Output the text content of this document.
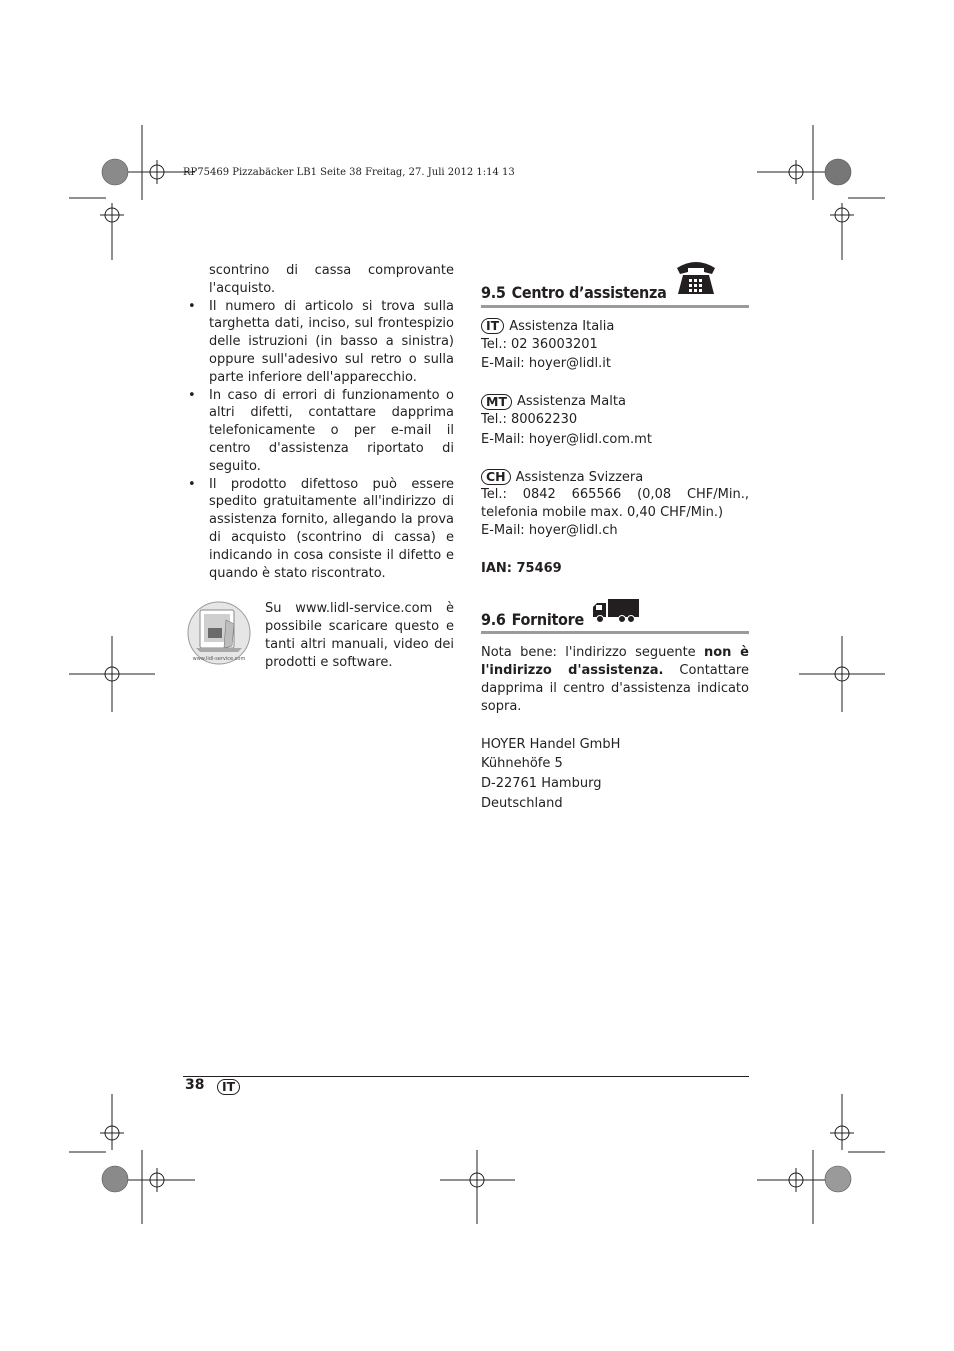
RP75469 Pizzabäcker LB1 Seite 38 Freitag, 27. Juli 2012 1:14 13

scontrino di cassa comprovante l'acquisto.

• Il numero di articolo si trova sulla targhetta dati, inciso, sul frontespizio delle istruzioni (in basso a sinistra) oppure sull'adesivo sul retro o sulla parte inferiore dell'apparecchio.
• In caso di errori di funzionamento o altri difetti, contattare dapprima telefonicamente o per e-mail il centro d'assistenza riportato di seguito.
• Il prodotto difettoso può essere spedito gratuitamente all'indirizzo di assistenza fornito, allegando la prova di acquisto (scontrino di cassa) e indicando in cosa consiste il difetto e quando è stato riscontrato.
www.lidl-service.com

Su www.lidl-service.com è possibile scaricare questo e tanti altri manuali, video dei prodotti e software.

9.5 Centro d’assistenza
IT Assistenza Italia
Tel.: 02 36003201
E-Mail: hoyer@lidl.it
MT Assistenza Malta
Tel.: 80062230
E-Mail: hoyer@lidl.com.mt
CH Assistenza Svizzera

Tel.: 0842 665566 (0,08 CHF/Min., telefonia mobile max. 0,40 CHF/Min.)

E-Mail: hoyer@lidl.ch
IAN: 75469
9.6 Fornitore

Nota bene: l'indirizzo seguente non è l'indirizzo d'assistenza. Contattare dapprima il centro d'assistenza indicato sopra.

HOYER Handel GmbH
Kühnehöfe 5
D-22761 Hamburg
Deutschland
38	IT
